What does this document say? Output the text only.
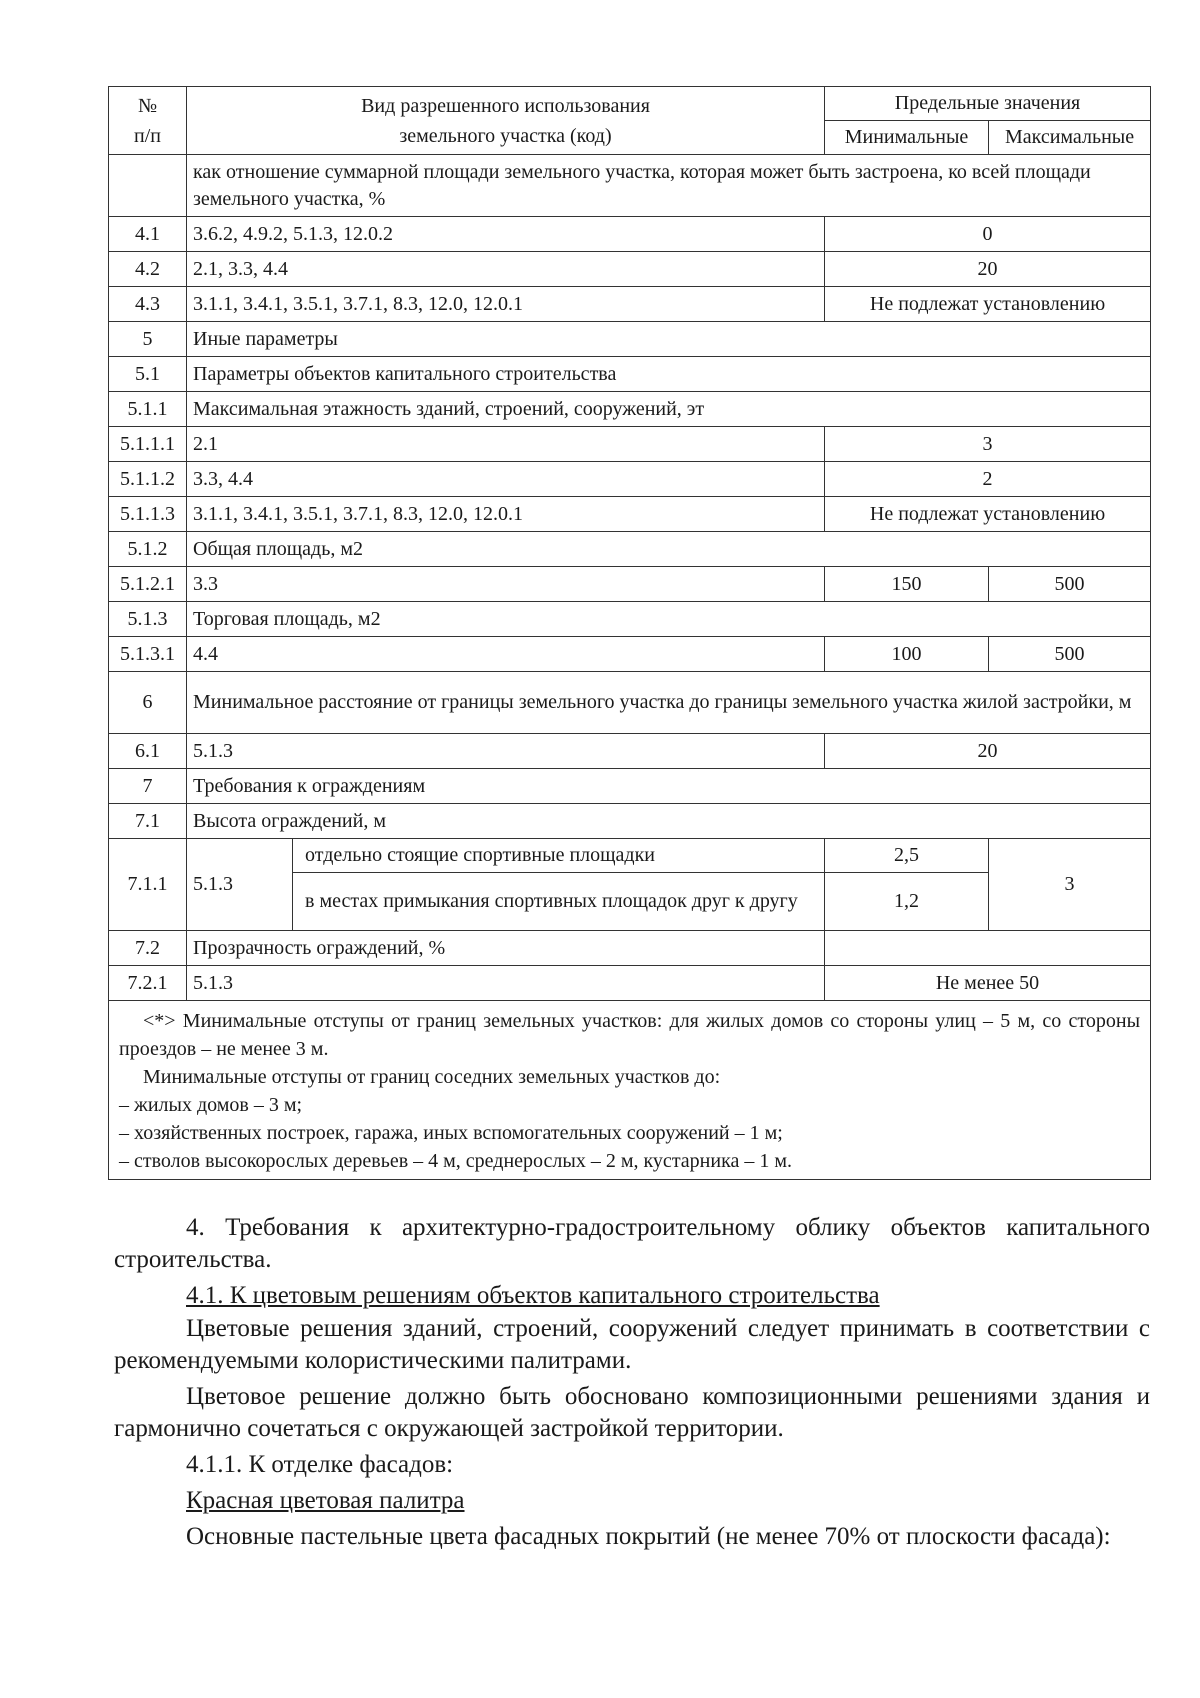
№
п/п	Вид разрешенного использования
земельного участка (код)		Предельные значения	
			Минимальные	Максимальные
	как отношение суммарной площади земельного участка, которая может быть застроена, ко всей площади земельного участка, %			
4.1	3.6.2, 4.9.2, 5.1.3, 12.0.2		0	
4.2	2.1, 3.3, 4.4		20	
4.3	3.1.1, 3.4.1, 3.5.1, 3.7.1, 8.3, 12.0, 12.0.1		Не подлежат установлению	
5	Иные параметры			
5.1	Параметры объектов капитального строительства			
5.1.1	Максимальная этажность зданий, строений, сооружений, эт			
5.1.1.1	2.1		3	
5.1.1.2	3.3, 4.4		2	
5.1.1.3	3.1.1, 3.4.1, 3.5.1, 3.7.1, 8.3, 12.0, 12.0.1		Не подлежат установлению	
5.1.2	Общая площадь, м2			
5.1.2.1	3.3		150	500
5.1.3	Торговая площадь, м2			
5.1.3.1	4.4		100	500
6	Минимальное расстояние от границы земельного участка до границы земельного участка жилой застройки, м			
6.1	5.1.3		20	
7	Требования к ограждениям			
7.1	Высота ограждений, м			
7.1.1	5.1.3	отдельно стоящие спортивные площадки	2,5	3
		в местах примыкания спортивных площадок друг к другу	1,2	
7.2	Прозрачность ограждений, %			
7.2.1	5.1.3		Не менее 50	

<*> Минимальные отступы от границ земельных участков: для жилых домов со стороны улиц – 5 м, со стороны проездов – не менее 3 м.

Минимальные отступы от границ соседних земельных участков до:

– жилых домов – 3 м;

– хозяйственных построек, гаража, иных вспомогательных сооружений – 1 м;

– стволов высокорослых деревьев – 4 м, среднерослых – 2 м, кустарника – 1 м.				

4. Требования к архитектурно-градостроительному облику объектов капитального строительства.

4.1. К цветовым решениям объектов капитального строительства

Цветовые решения зданий, строений, сооружений следует принимать в соответствии с рекомендуемыми колористическими палитрами.

Цветовое решение должно быть обосновано композиционными решениями здания и гармонично сочетаться с окружающей застройкой территории.

4.1.1. К отделке фасадов:

Красная цветовая палитра

Основные пастельные цвета фасадных покрытий (не менее 70% от плоскости фасада):
